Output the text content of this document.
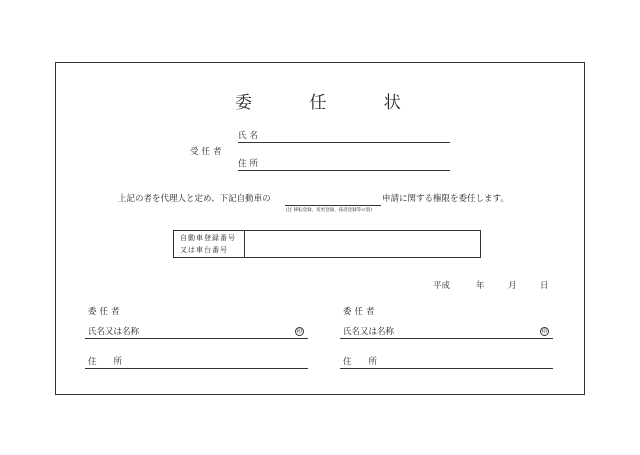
委 任 状
受任者
氏名
住所
上記の者を代理人と定め、下記自動車の	申請に関する権限を委任します。
(注 移転登録、変更登録、抹消登録等の別)
自動車登録番号
又は車台番号
平成	年	月	日
委任者
氏名又は名称	印
住　　所
委任者
氏名又は名称	印
住　　所
